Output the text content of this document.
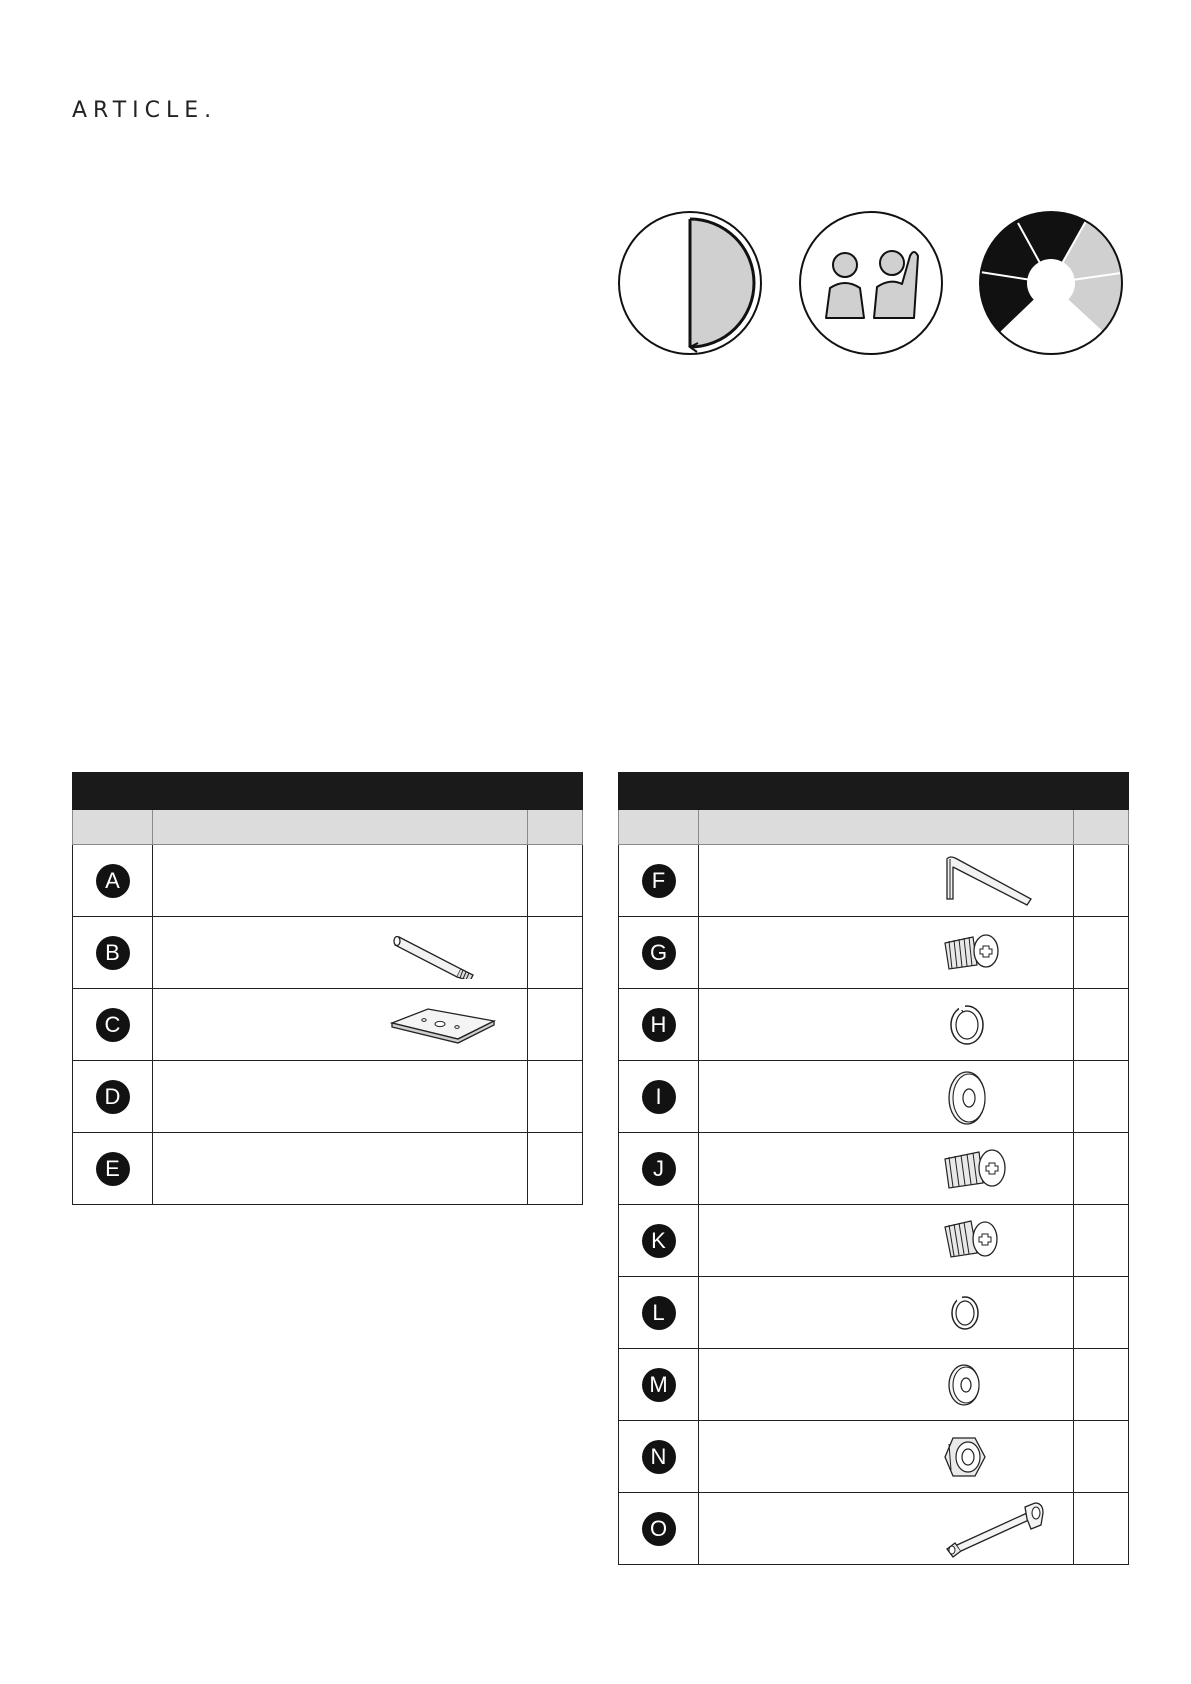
ARTICLE.

A		
B	

C	

D		
E		

F	

G	

H	

I	

J	

K	

L	

M	

N	

O	
